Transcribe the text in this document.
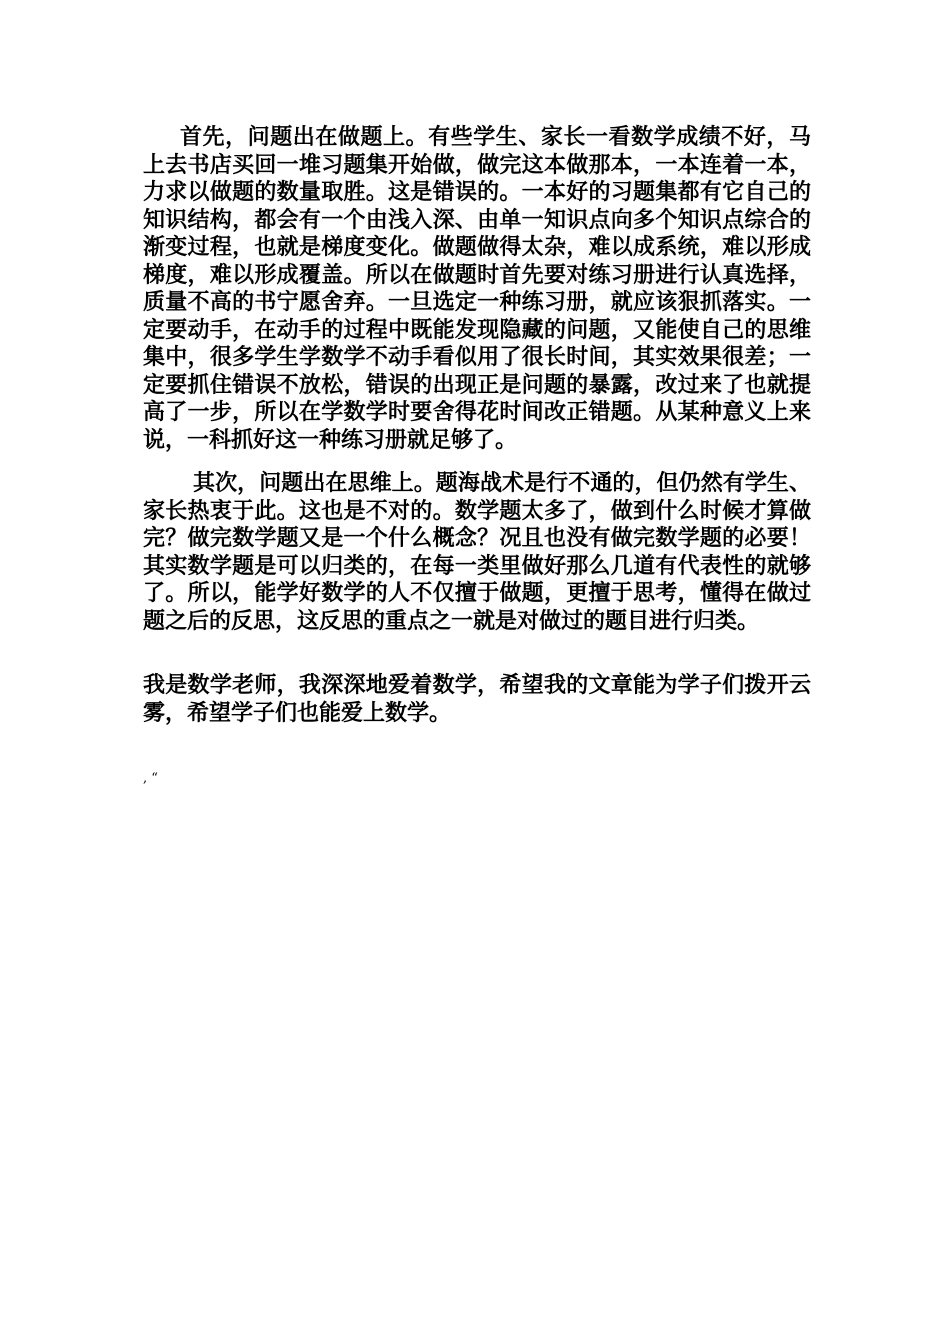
首先，问题出在做题上。有些学生、家长一看数学成绩不好，马上去书店买回一堆习题集开始做，做完这本做那本，一本连着一本，力求以做题的数量取胜。这是错误的。一本好的习题集都有它自己的知识结构，都会有一个由浅入深、由单一知识点向多个知识点综合的渐变过程，也就是梯度变化。做题做得太杂，难以成系统，难以形成梯度，难以形成覆盖。所以在做题时首先要对练习册进行认真选择，质量不高的书宁愿舍弃。一旦选定一种练习册，就应该狠抓落实。一定要动手，在动手的过程中既能发现隐藏的问题，又能使自己的思维集中，很多学生学数学不动手看似用了很长时间，其实效果很差；一定要抓住错误不放松，错误的出现正是问题的暴露，改过来了也就提高了一步，所以在学数学时要舍得花时间改正错题。从某种意义上来说，一科抓好这一种练习册就足够了。

其次，问题出在思维上。题海战术是行不通的，但仍然有学生、家长热衷于此。这也是不对的。数学题太多了，做到什么时候才算做完？做完数学题又是一个什么概念？况且也没有做完数学题的必要！其实数学题是可以归类的，在每一类里做好那么几道有代表性的就够了。所以，能学好数学的人不仅擅于做题，更擅于思考，懂得在做过题之后的反思，这反思的重点之一就是对做过的题目进行归类。

我是数学老师，我深深地爱着数学，希望我的文章能为学子们拨开云雾，希望学子们也能爱上数学。

, “
